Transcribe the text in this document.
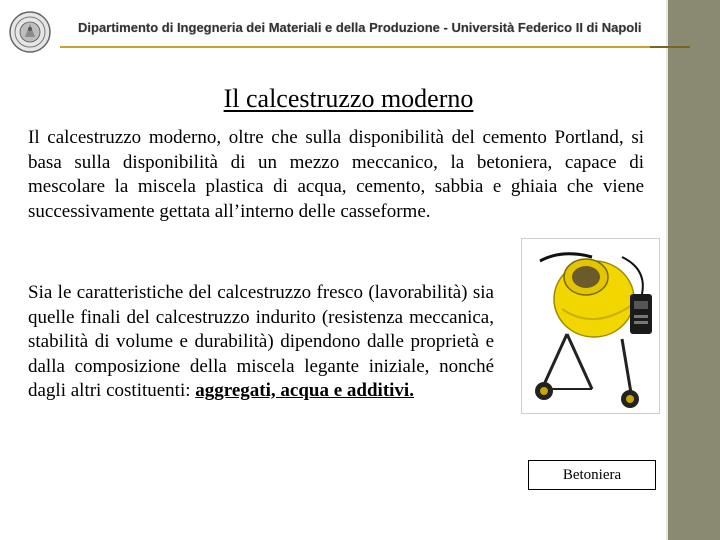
Dipartimento di Ingegneria dei Materiali e della Produzione - Università Federico II di Napoli
Il calcestruzzo moderno

Il calcestruzzo moderno, oltre che sulla disponibilità del cemento Portland, si basa sulla disponibilità di un mezzo meccanico, la betoniera, capace di mescolare la miscela plastica di acqua, cemento, sabbia e ghiaia che viene successivamente gettata all’interno delle casseforme.

Sia le caratteristiche del calcestruzzo fresco (lavorabilità) sia quelle finali del calcestruzzo indurito (resistenza meccanica, stabilità di volume e durabilità) dipendono dalle proprietà e dalla composizione della miscela legante iniziale, nonché dagli altri costituenti: aggregati, acqua e additivi.

Betoniera
